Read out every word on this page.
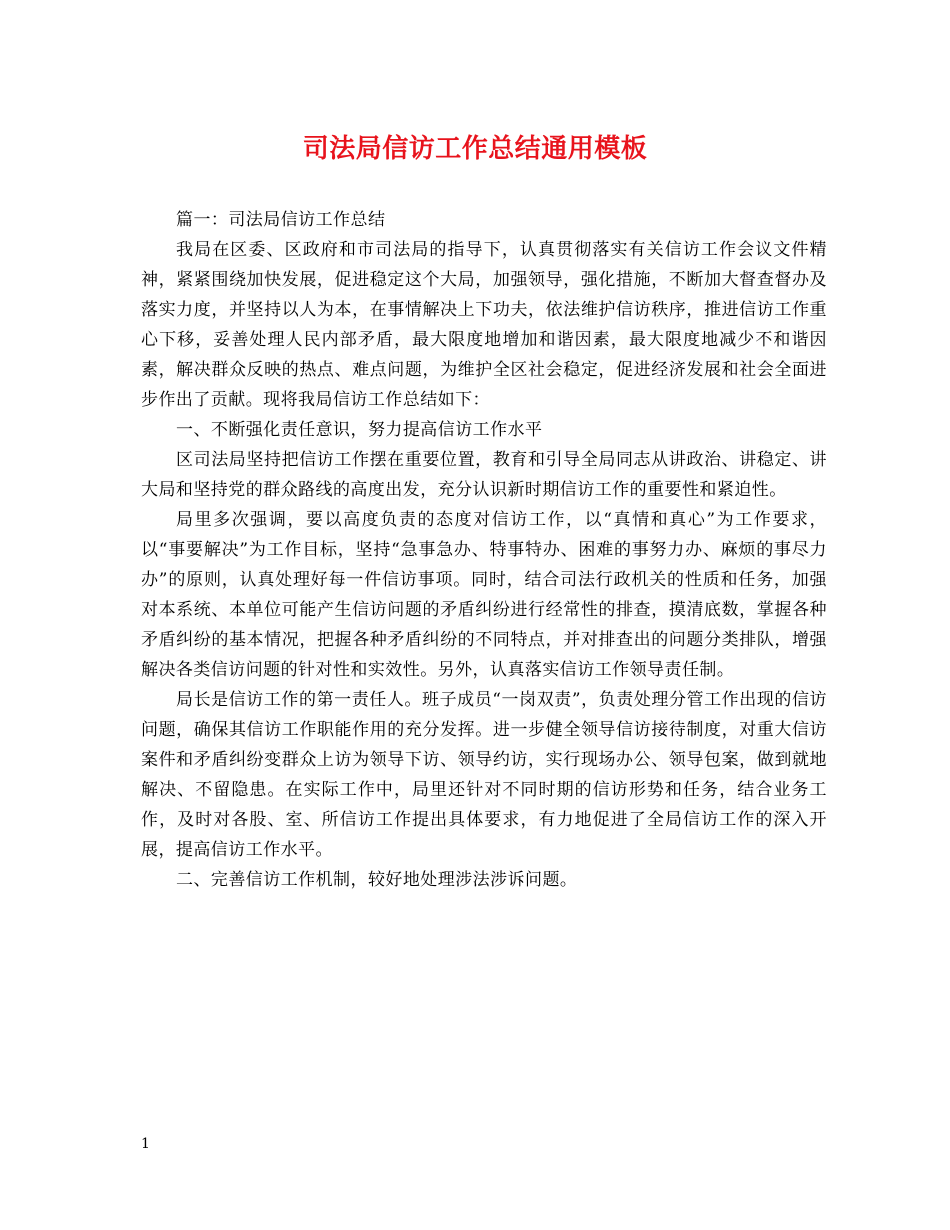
司法局信访工作总结通用模板

篇一：司法局信访工作总结

我局在区委、区政府和市司法局的指导下，认真贯彻落实有关信访工作会议文件精神，紧紧围绕加快发展，促进稳定这个大局，加强领导，强化措施，不断加大督查督办及落实力度，并坚持以人为本，在事情解决上下功夫，依法维护信访秩序，推进信访工作重心下移，妥善处理人民内部矛盾，最大限度地增加和谐因素，最大限度地减少不和谐因素，解决群众反映的热点、难点问题，为维护全区社会稳定，促进经济发展和社会全面进步作出了贡献。现将我局信访工作总结如下：

一、不断强化责任意识，努力提高信访工作水平

区司法局坚持把信访工作摆在重要位置，教育和引导全局同志从讲政治、讲稳定、讲大局和坚持党的群众路线的高度出发，充分认识新时期信访工作的重要性和紧迫性。

局里多次强调，要以高度负责的态度对信访工作，以“真情和真心”为工作要求，以“事要解决”为工作目标，坚持“急事急办、特事特办、困难的事努力办、麻烦的事尽力办”的原则，认真处理好每一件信访事项。同时，结合司法行政机关的性质和任务，加强对本系统、本单位可能产生信访问题的矛盾纠纷进行经常性的排查，摸清底数，掌握各种矛盾纠纷的基本情况，把握各种矛盾纠纷的不同特点，并对排查出的问题分类排队，增强解决各类信访问题的针对性和实效性。另外，认真落实信访工作领导责任制。

局长是信访工作的第一责任人。班子成员“一岗双责”，负责处理分管工作出现的信访问题，确保其信访工作职能作用的充分发挥。进一步健全领导信访接待制度，对重大信访案件和矛盾纠纷变群众上访为领导下访、领导约访，实行现场办公、领导包案，做到就地解决、不留隐患。在实际工作中，局里还针对不同时期的信访形势和任务，结合业务工作，及时对各股、室、所信访工作提出具体要求，有力地促进了全局信访工作的深入开展，提高信访工作水平。

二、完善信访工作机制，较好地处理涉法涉诉问题。

1
